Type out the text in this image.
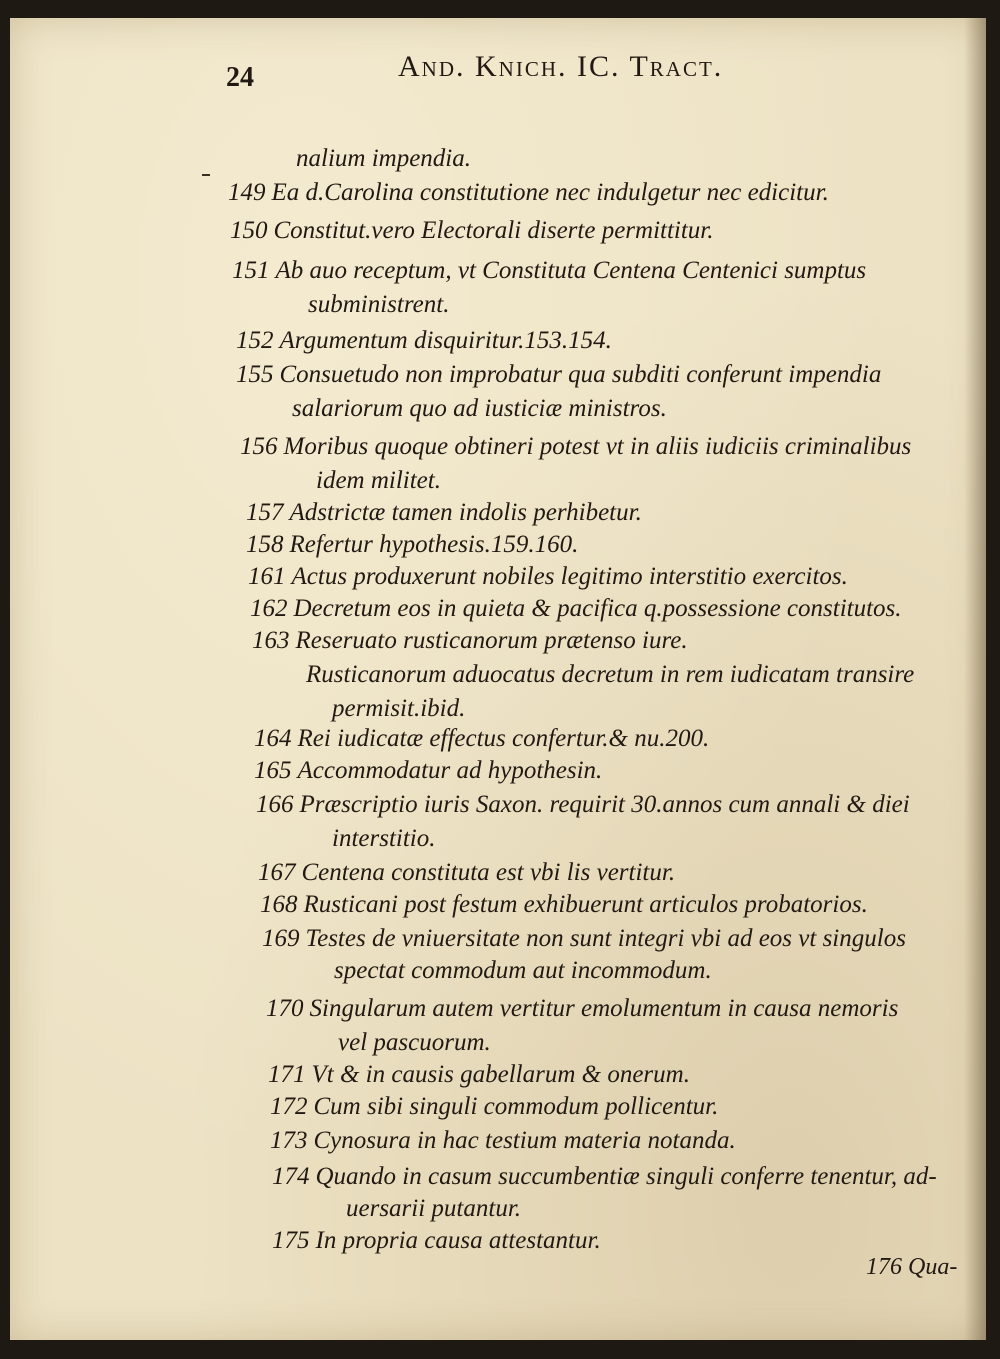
24	And. Knich. IC. Tract.
nalium impendia.
149 Ea d.Carolina constitutione nec indulgetur nec edicitur.
150 Constitut.vero Electorali diserte permittitur.
151 Ab auo receptum, vt Constituta Centena Centenici sumptus
subministrent.
152 Argumentum disquiritur.153.154.
155 Consuetudo non improbatur qua subditi conferunt impendia
salariorum quo ad iusticiæ ministros.
156 Moribus quoque obtineri potest vt in aliis iudiciis criminalibus
idem militet.
157 Adstrictæ tamen indolis perhibetur.
158 Refertur hypothesis.159.160.
161 Actus produxerunt nobiles legitimo interstitio exercitos.
162 Decretum eos in quieta & pacifica q.possessione constitutos.
163 Reseruato rusticanorum prætenso iure.
Rusticanorum aduocatus decretum in rem iudicatam transire
permisit.ibid.
164 Rei iudicatæ effectus confertur.& nu.200.
165 Accommodatur ad hypothesin.
166 Præscriptio iuris Saxon. requirit 30.annos cum annali & diei
interstitio.
167 Centena constituta est vbi lis vertitur.
168 Rusticani post festum exhibuerunt articulos probatorios.
169 Testes de vniuersitate non sunt integri vbi ad eos vt singulos
spectat commodum aut incommodum.
170 Singularum autem vertitur emolumentum in causa nemoris
vel pascuorum.
171 Vt & in causis gabellarum & onerum.
172 Cum sibi singuli commodum pollicentur.
173 Cynosura in hac testium materia notanda.
174 Quando in casum succumbentiæ singuli conferre tenentur, ad-
uersarii putantur.
175 In propria causa attestantur.
176 Qua-
